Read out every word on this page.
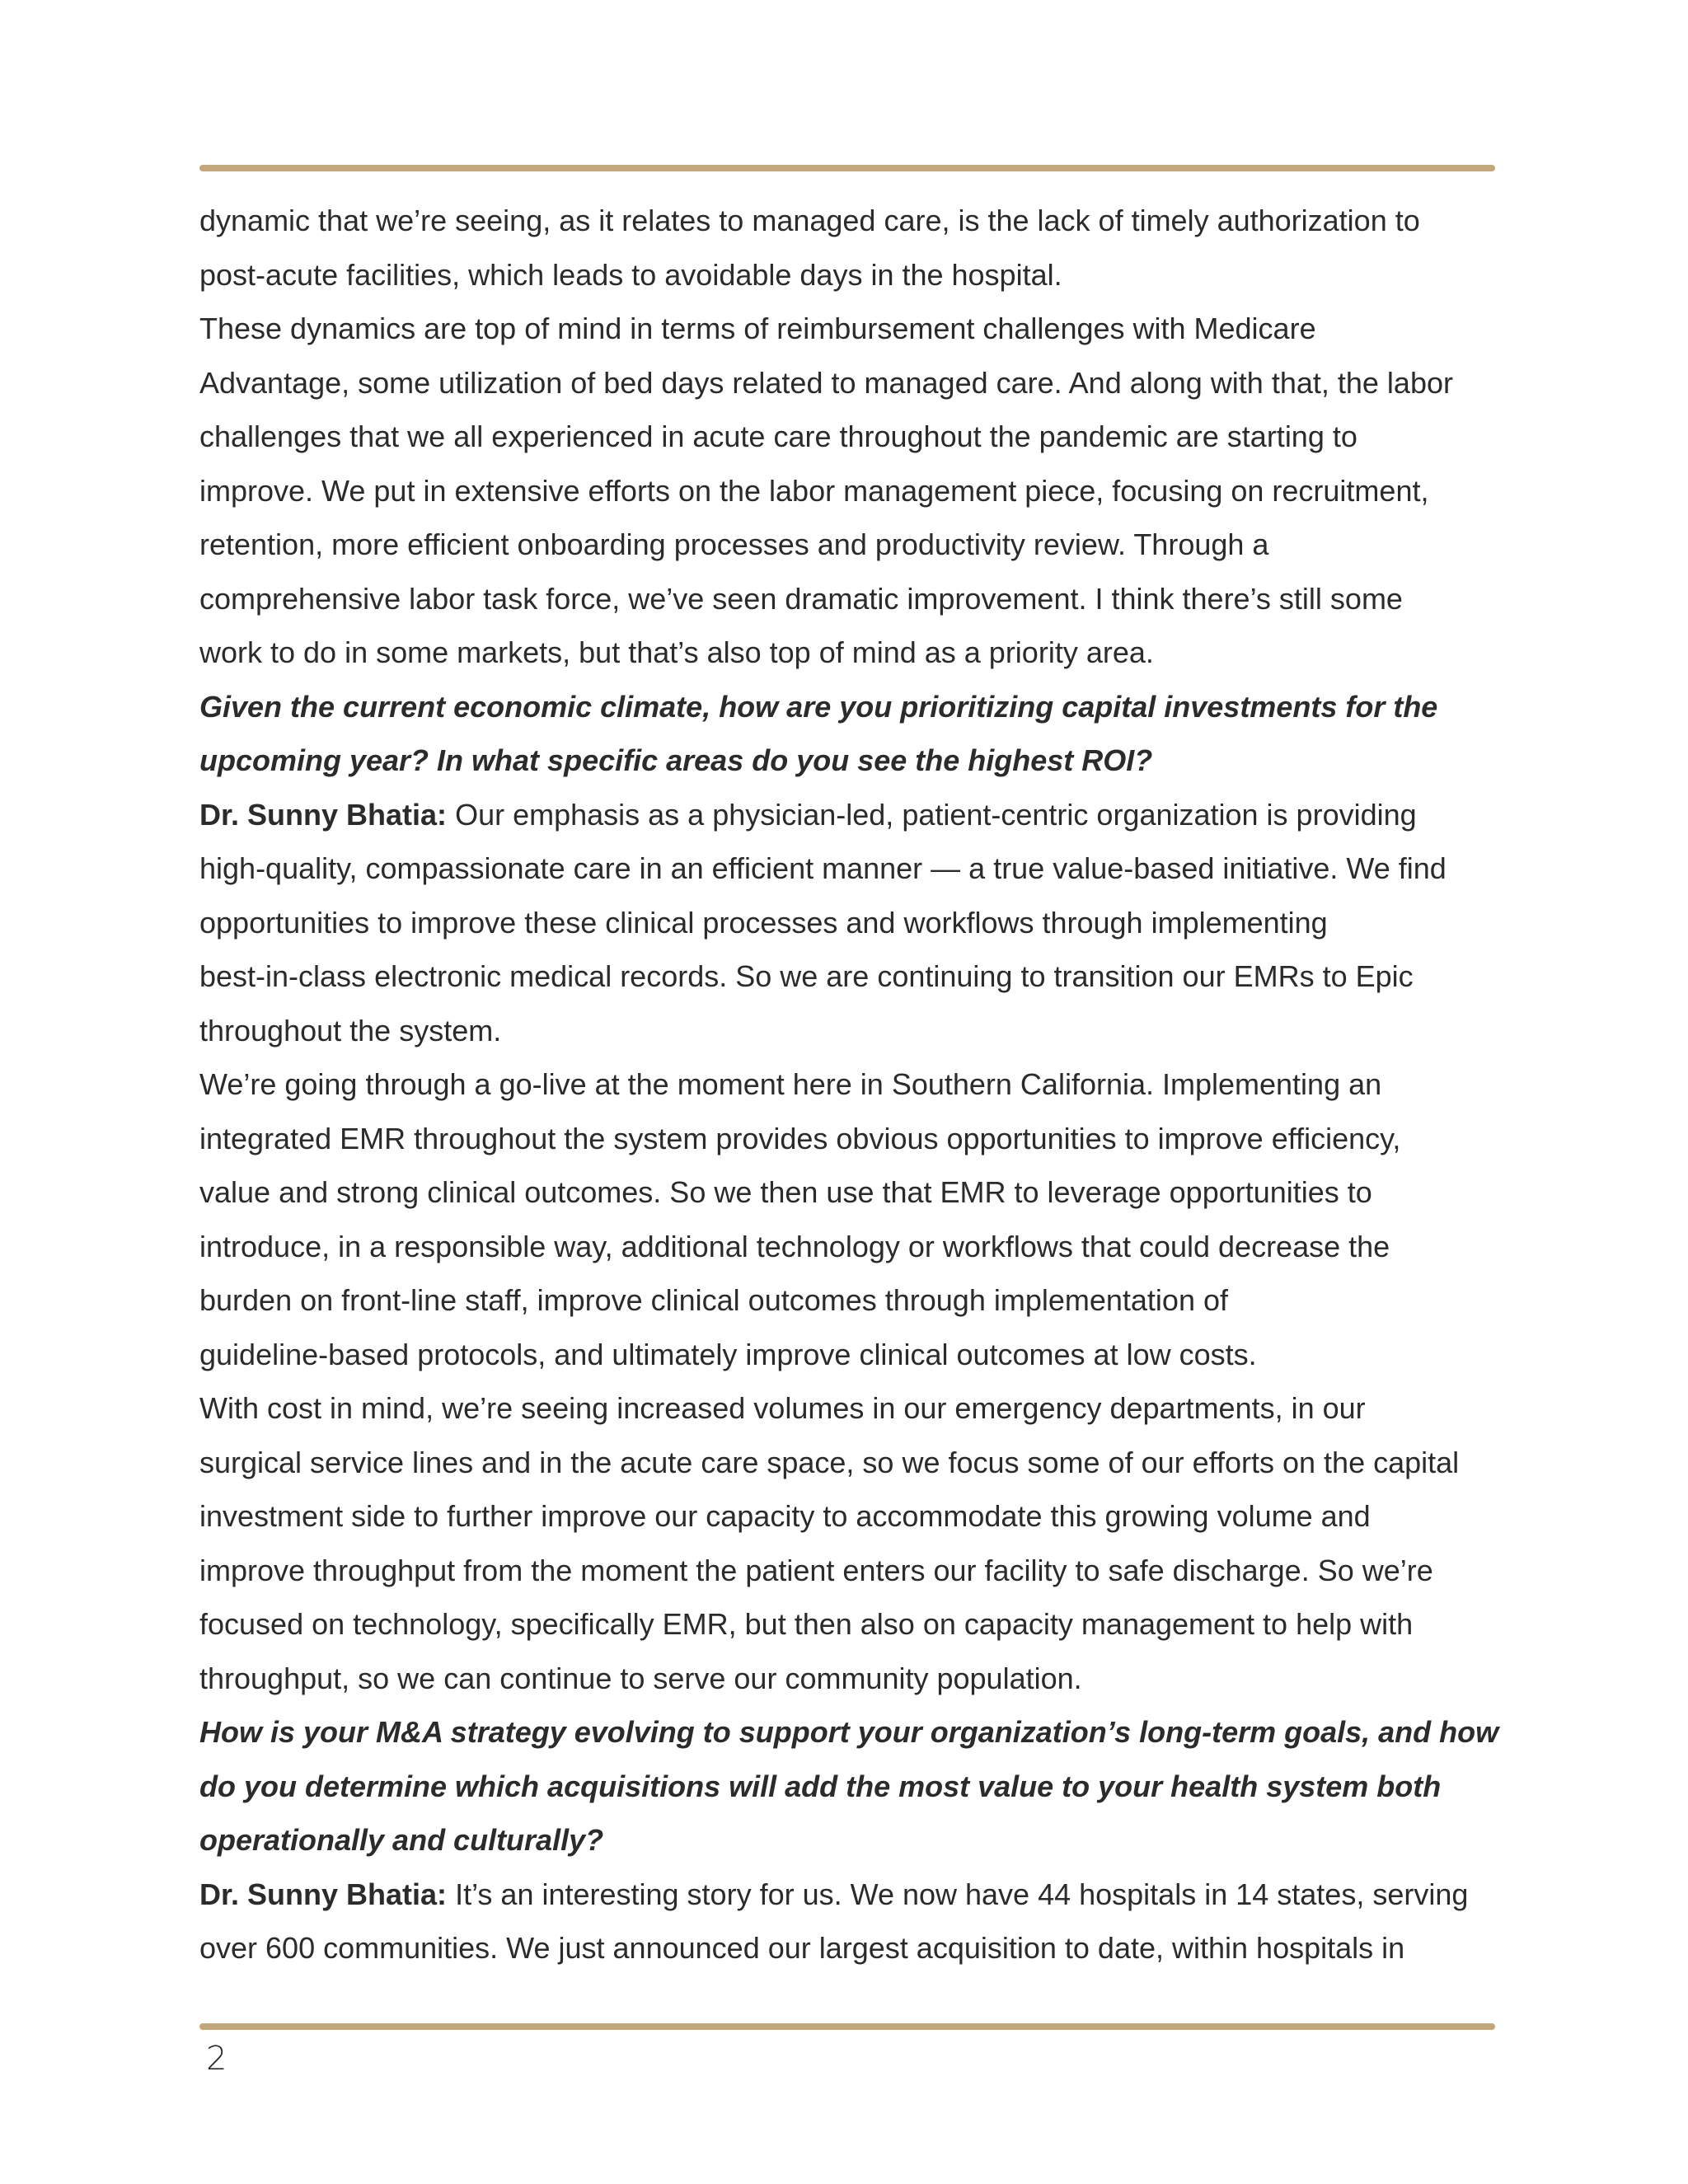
dynamic that we’re seeing, as it relates to managed care, is the lack of timely authorization to
post-acute facilities, which leads to avoidable days in the hospital.
These dynamics are top of mind in terms of reimbursement challenges with Medicare
Advantage, some utilization of bed days related to managed care. And along with that, the labor
challenges that we all experienced in acute care throughout the pandemic are starting to
improve. We put in extensive efforts on the labor management piece, focusing on recruitment,
retention, more efficient onboarding processes and productivity review. Through a
comprehensive labor task force, we’ve seen dramatic improvement. I think there’s still some
work to do in some markets, but that’s also top of mind as a priority area.
Given the current economic climate, how are you prioritizing capital investments for the
upcoming year? In what specific areas do you see the highest ROI?
Dr. Sunny Bhatia: Our emphasis as a physician-led, patient-centric organization is providing
high-quality, compassionate care in an efficient manner — a true value-based initiative. We find
opportunities to improve these clinical processes and workflows through implementing
best-in-class electronic medical records. So we are continuing to transition our EMRs to Epic
throughout the system.
We’re going through a go-live at the moment here in Southern California. Implementing an
integrated EMR throughout the system provides obvious opportunities to improve efficiency,
value and strong clinical outcomes. So we then use that EMR to leverage opportunities to
introduce, in a responsible way, additional technology or workflows that could decrease the
burden on front-line staff, improve clinical outcomes through implementation of
guideline-based protocols, and ultimately improve clinical outcomes at low costs.
With cost in mind, we’re seeing increased volumes in our emergency departments, in our
surgical service lines and in the acute care space, so we focus some of our efforts on the capital
investment side to further improve our capacity to accommodate this growing volume and
improve throughput from the moment the patient enters our facility to safe discharge. So we’re
focused on technology, specifically EMR, but then also on capacity management to help with
throughput, so we can continue to serve our community population.
How is your M&A strategy evolving to support your organization’s long-term goals, and how
do you determine which acquisitions will add the most value to your health system both
operationally and culturally?
Dr. Sunny Bhatia: It’s an interesting story for us. We now have 44 hospitals in 14 states, serving
over 600 communities. We just announced our largest acquisition to date, within hospitals in
2
